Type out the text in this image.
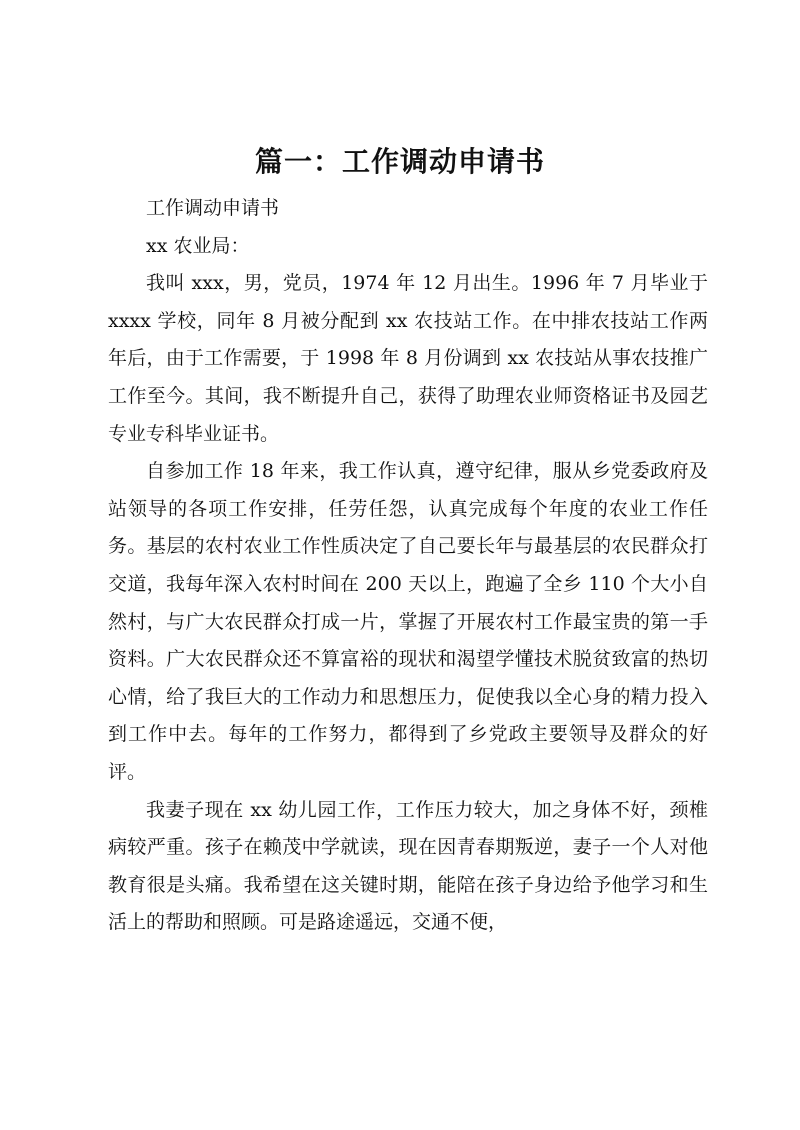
篇一：工作调动申请书

工作调动申请书

xx 农业局：

我叫 xxx，男，党员，1974 年 12 月出生。1996 年 7 月毕业于 xxxx 学校，同年 8 月被分配到 xx 农技站工作。在中排农技站工作两年后，由于工作需要，于 1998 年 8 月份调到 xx 农技站从事农技推广工作至今。其间，我不断提升自己，获得了助理农业师资格证书及园艺专业专科毕业证书。

自参加工作 18 年来，我工作认真，遵守纪律，服从乡党委政府及站领导的各项工作安排，任劳任怨，认真完成每个年度的农业工作任务。基层的农村农业工作性质决定了自己要长年与最基层的农民群众打交道，我每年深入农村时间在 200 天以上，跑遍了全乡 110 个大小自然村，与广大农民群众打成一片，掌握了开展农村工作最宝贵的第一手资料。广大农民群众还不算富裕的现状和渴望学懂技术脱贫致富的热切心情，给了我巨大的工作动力和思想压力，促使我以全心身的精力投入到工作中去。每年的工作努力，都得到了乡党政主要领导及群众的好评。

我妻子现在 xx 幼儿园工作，工作压力较大，加之身体不好，颈椎病较严重。孩子在赖茂中学就读，现在因青春期叛逆，妻子一个人对他教育很是头痛。我希望在这关键时期，能陪在孩子身边给予他学习和生活上的帮助和照顾。可是路途遥远，交通不便，
